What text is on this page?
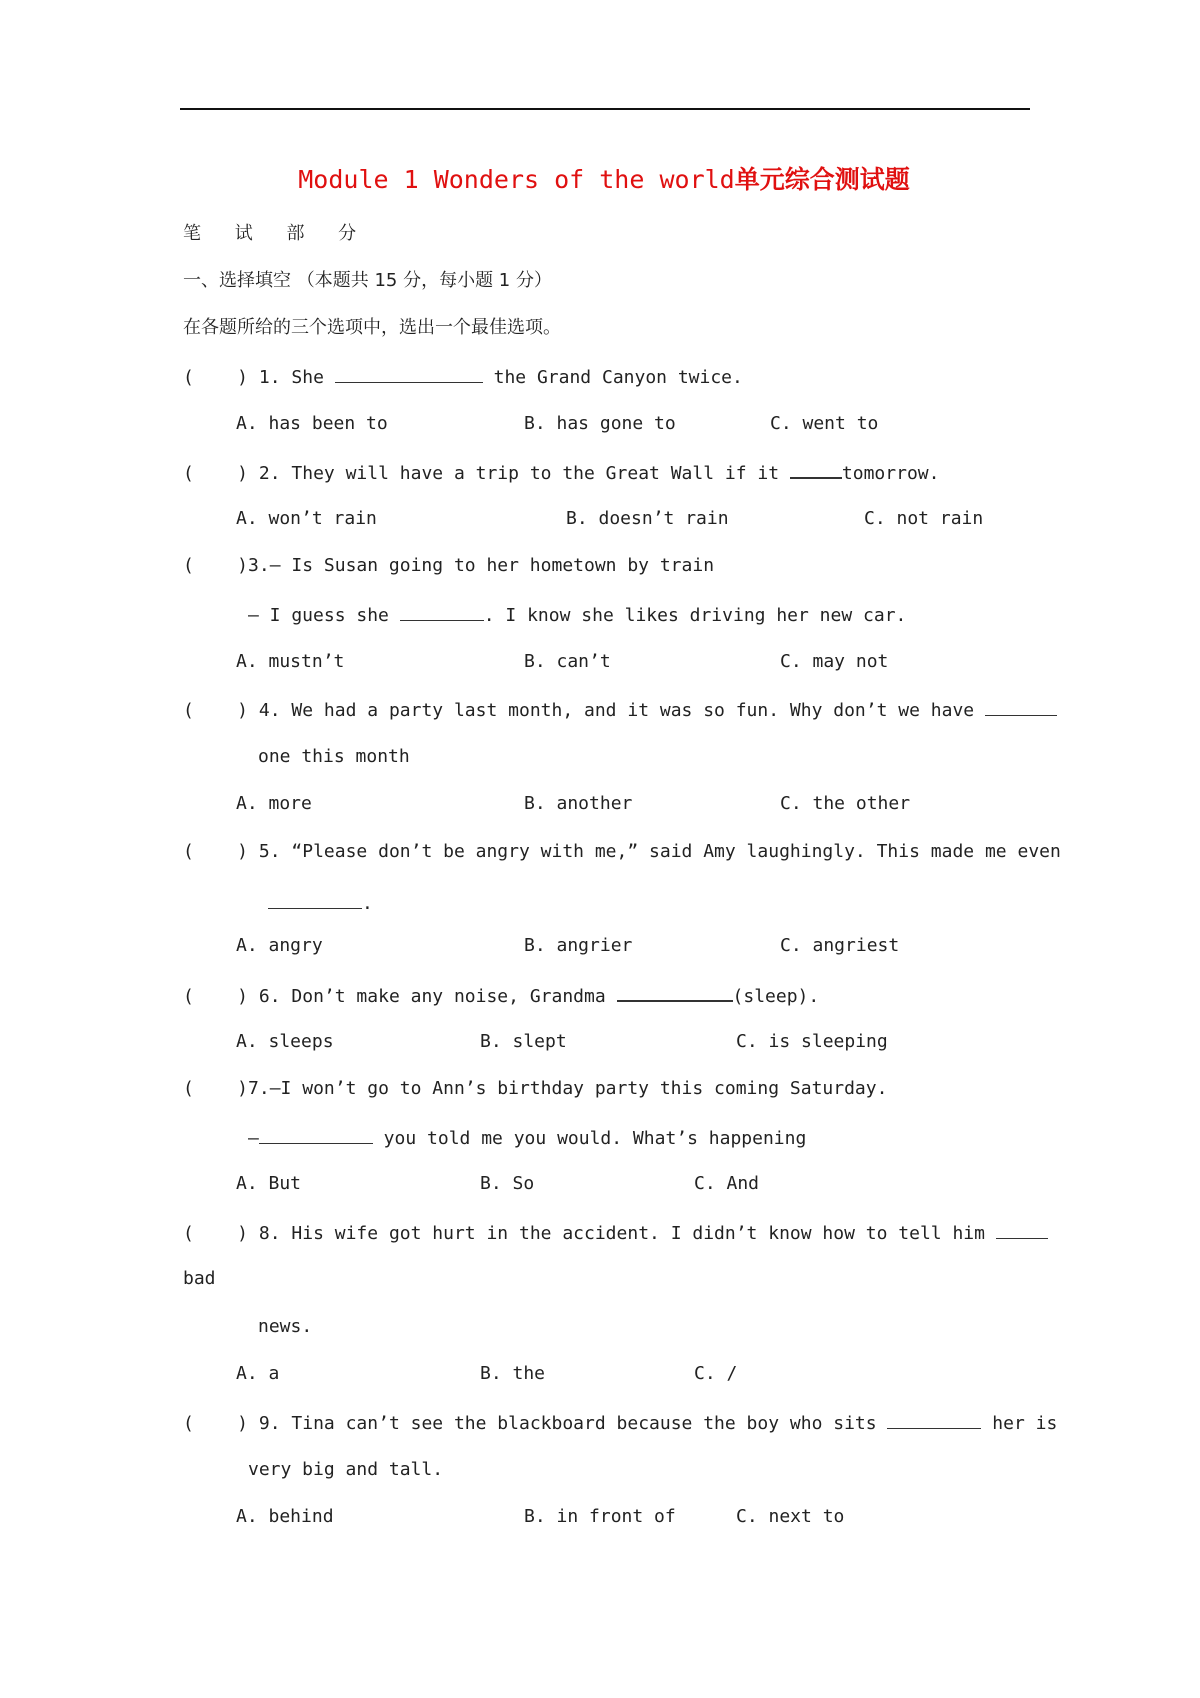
Module 1 Wonders of the world单元综合测试题
笔 试 部 分
一、选择填空 （本题共 15 分，每小题 1 分）
在各题所给的三个选项中，选出一个最佳选项。
(    ) 1. She	the Grand Canyon twice.

A. has been to

	B. has gone to

	C. went to

(    ) 2. They will have a trip to the Great Wall if it	tomorrow.

A. won’t rain

	B. doesn’t rain

	C. not rain

(    )3.— Is Susan going to her hometown by train
— I guess she	. I know she likes driving her new car.

A. mustn’t

	B. can’t

	C. may not

(    ) 4. We had a party last month, and it was so fun. Why don’t we have
one this month

A. more

	B. another

	C. the other

(    ) 5. “Please don’t be angry with me,” said Amy laughingly. This made me even
.

A. angry

	B. angrier

	C. angriest

(    ) 6. Don’t make any noise, Grandma	(sleep).

A. sleeps

	B. slept

	C. is sleeping

(    )7.—I won’t go to Ann’s birthday party this coming Saturday.
—	you told me you would. What’s happening

A. But

	B. So

	C. And

(    ) 8. His wife got hurt in the accident. I didn’t know how to tell him
bad
news.

A. a

	B. the

	C. /

(    ) 9. Tina can’t see the blackboard because the boy who sits	her is
very big and tall.

A. behind

	B. in front of

	C. next to
